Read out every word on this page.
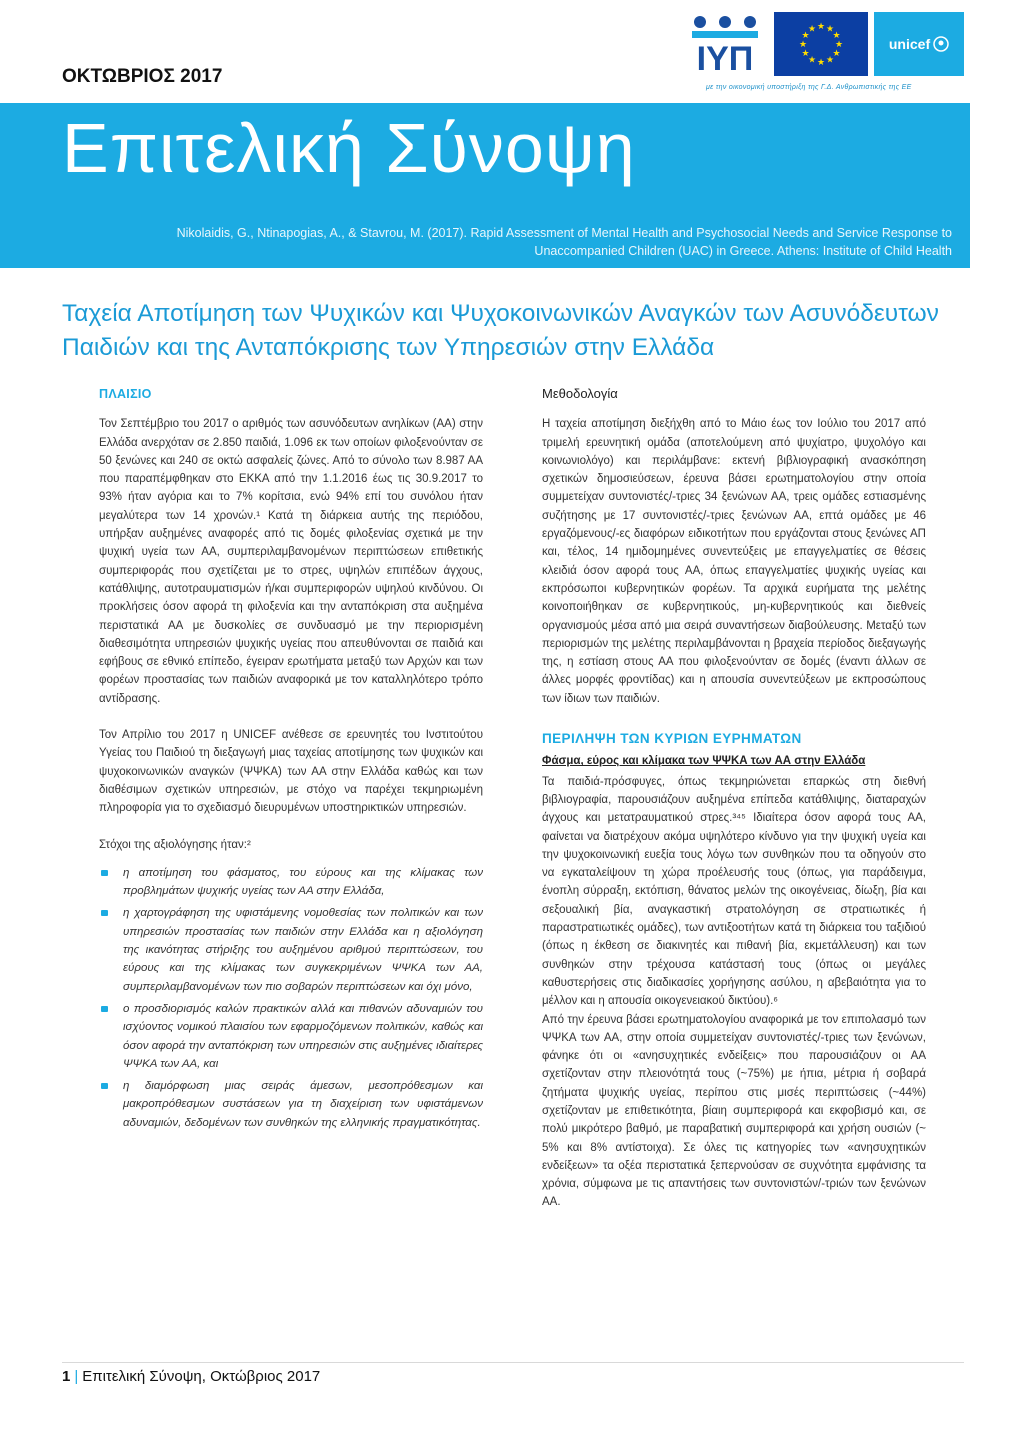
ΟΚΤΩΒΡΙΟΣ 2017	ΙΥΠ
★ ★
★
★
★
★
★
★
★
★
★
★
unicef
με την οικονομική υποστήριξη της Γ.Δ. Ανθρωπιστικής της ΕΕ
Επιτελική Σύνοψη
Nikolaidis, G., Ntinapogias, A., & Stavrou, M. (2017). Rapid Assessment of Mental Health and Psychosocial Needs and Service Response to
Unaccompanied Children (UAC) in Greece. Athens: Institute of Child Health
Ταχεία Αποτίμηση των Ψυχικών και Ψυχοκοινωνικών Αναγκών των Ασυνόδευτων Παιδιών και της Ανταπόκρισης των Υπηρεσιών στην Ελλάδα
ΠΛΑΙΣΙΟ

Τον Σεπτέμβριο του 2017 ο αριθμός των ασυνόδευτων ανηλίκων (ΑΑ) στην Ελλάδα ανερχόταν σε 2.850 παιδιά, 1.096 εκ των οποίων φιλοξενούνταν σε 50 ξενώνες και 240 σε οκτώ ασφαλείς ζώνες. Από το σύνολο των 8.987 ΑΑ που παραπέμφθηκαν στο ΕΚΚΑ από την 1.1.2016 έως τις 30.9.2017 το 93% ήταν αγόρια και το 7% κορίτσια, ενώ 94% επί του συνόλου ήταν μεγαλύτερα των 14 χρονών.¹ Κατά τη διάρκεια αυτής της περιόδου, υπήρξαν αυξημένες αναφορές από τις δομές φιλοξενίας σχετικά με την ψυχική υγεία των ΑΑ, συμπεριλαμβανομένων περιπτώσεων επιθετικής συμπεριφοράς που σχετίζεται με το στρες, υψηλών επιπέδων άγχους, κατάθλιψης, αυτοτραυματισμών ή/και συμπεριφορών υψηλού κινδύνου. Οι προκλήσεις όσον αφορά τη φιλοξενία και την ανταπόκριση στα αυξημένα περιστατικά ΑΑ με δυσκολίες σε συνδυασμό με την περιορισμένη διαθεσιμότητα υπηρεσιών ψυχικής υγείας που απευθύνονται σε παιδιά και εφήβους σε εθνικό επίπεδο, έγειραν ερωτήματα μεταξύ των Αρχών και των φορέων προστασίας των παιδιών αναφορικά με τον καταλληλότερο τρόπο αντίδρασης.

Τον Απρίλιο του 2017 η UNICEF ανέθεσε σε ερευνητές του Ινστιτούτου Υγείας του Παιδιού τη διεξαγωγή μιας ταχείας αποτίμησης των ψυχικών και ψυχοκοινωνικών αναγκών (ΨΨΚΑ) των ΑΑ στην Ελλάδα καθώς και των διαθέσιμων σχετικών υπηρεσιών, με στόχο να παρέχει τεκμηριωμένη πληροφορία για το σχεδιασμό διευρυμένων υποστηρικτικών υπηρεσιών.

Στόχοι της αξιολόγησης ήταν:²
η αποτίμηση του φάσματος, του εύρους και της κλίμακας των προβλημάτων ψυχικής υγείας των ΑΑ στην Ελλάδα,
η χαρτογράφηση της υφιστάμενης νομοθεσίας των πολιτικών και των υπηρεσιών προστασίας των παιδιών στην Ελλάδα και η αξιολόγηση της ικανότητας στήριξης του αυξημένου αριθμού περιπτώσεων, του εύρους και της κλίμακας των συγκεκριμένων ΨΨΚΑ των ΑΑ, συμπεριλαμβανομένων των πιο σοβαρών περιπτώσεων και όχι μόνο,
ο προσδιορισμός καλών πρακτικών αλλά και πιθανών αδυναμιών του ισχύοντος νομικού πλαισίου των εφαρμοζόμενων πολιτικών, καθώς και όσον αφορά την ανταπόκριση των υπηρεσιών στις αυξημένες ιδιαίτερες ΨΨΚΑ των ΑΑ, και
η διαμόρφωση μιας σειράς άμεσων, μεσοπρόθεσμων και μακροπρόθεσμων συστάσεων για τη διαχείριση των υφιστάμενων αδυναμιών, δεδομένων των συνθηκών της ελληνικής πραγματικότητας.
Μεθοδολογία

Η ταχεία αποτίμηση διεξήχθη από το Μάιο έως τον Ιούλιο του 2017 από τριμελή ερευνητική ομάδα (αποτελούμενη από ψυχίατρο, ψυχολόγο και κοινωνιολόγο) και περιλάμβανε: εκτενή βιβλιογραφική ανασκόπηση σχετικών δημοσιεύσεων, έρευνα βάσει ερωτηματολογίου στην οποία συμμετείχαν συντονιστές/-τριες 34 ξενώνων ΑΑ, τρεις ομάδες εστιασμένης συζήτησης με 17 συντονιστές/-τριες ξενώνων ΑΑ, επτά ομάδες με 46 εργαζόμενους/-ες διαφόρων ειδικοτήτων που εργάζονται στους ξενώνες ΑΠ και, τέλος, 14 ημιδομημένες συνεντεύξεις με επαγγελματίες σε θέσεις κλειδιά όσον αφορά τους ΑΑ, όπως επαγγελματίες ψυχικής υγείας και εκπρόσωποι κυβερνητικών φορέων. Τα αρχικά ευρήματα της μελέτης κοινοποιήθηκαν σε κυβερνητικούς, μη-κυβερνητικούς και διεθνείς οργανισμούς μέσα από μια σειρά συναντήσεων διαβούλευσης. Μεταξύ των περιορισμών της μελέτης περιλαμβάνονται η βραχεία περίοδος διεξαγωγής της, η εστίαση στους ΑΑ που φιλοξενούνταν σε δομές (έναντι άλλων σε άλλες μορφές φροντίδας) και η απουσία συνεντεύξεων με εκπροσώπους των ίδιων των παιδιών.

ΠΕΡΙΛΗΨΗ ΤΩΝ ΚΥΡΙΩΝ ΕΥΡΗΜΑΤΩΝ
Φάσμα, εύρος και κλίμακα των ΨΨΚΑ των ΑΑ στην Ελλάδα

Τα παιδιά-πρόσφυγες, όπως τεκμηριώνεται επαρκώς στη διεθνή βιβλιογραφία, παρουσιάζουν αυξημένα επίπεδα κατάθλιψης, διαταραχών άγχους και μετατραυματικού στρες.³⁴⁵ Ιδιαίτερα όσον αφορά τους ΑΑ, φαίνεται να διατρέχουν ακόμα υψηλότερο κίνδυνο για την ψυχική υγεία και την ψυχοκοινωνική ευεξία τους λόγω των συνθηκών που τα οδηγούν στο να εγκαταλείψουν τη χώρα προέλευσής τους (όπως, για παράδειγμα, ένοπλη σύρραξη, εκτόπιση, θάνατος μελών της οικογένειας, δίωξη, βία και σεξουαλική βία, αναγκαστική στρατολόγηση σε στρατιωτικές ή παραστρατιωτικές ομάδες), των αντιξοοτήτων κατά τη διάρκεια του ταξιδιού (όπως η έκθεση σε διακινητές και πιθανή βία, εκμετάλλευση) και των συνθηκών στην τρέχουσα κατάστασή τους (όπως οι μεγάλες καθυστερήσεις στις διαδικασίες χορήγησης ασύλου, η αβεβαιότητα για το μέλλον και η απουσία οικογενειακού δικτύου).⁶

Από την έρευνα βάσει ερωτηματολογίου αναφορικά με τον επιπολασμό των ΨΨΚΑ των ΑΑ, στην οποία συμμετείχαν συντονιστές/-τριες των ξενώνων, φάνηκε ότι οι «ανησυχητικές ενδείξεις» που παρουσιάζουν οι ΑΑ σχετίζονταν στην πλειονότητά τους (~75%) με ήπια, μέτρια ή σοβαρά ζητήματα ψυχικής υγείας, περίπου στις μισές περιπτώσεις (~44%) σχετίζονταν με επιθετικότητα, βίαιη συμπεριφορά και εκφοβισμό και, σε πολύ μικρότερο βαθμό, με παραβατική συμπεριφορά και χρήση ουσιών (~ 5% και 8% αντίστοιχα). Σε όλες τις κατηγορίες των «ανησυχητικών ενδείξεων» τα οξέα περιστατικά ξεπερνούσαν σε συχνότητα εμφάνισης τα χρόνια, σύμφωνα με τις απαντήσεις των συντονιστών/-τριών των ξενώνων ΑΑ.

1 | Επιτελική Σύνοψη, Οκτώβριος 2017
